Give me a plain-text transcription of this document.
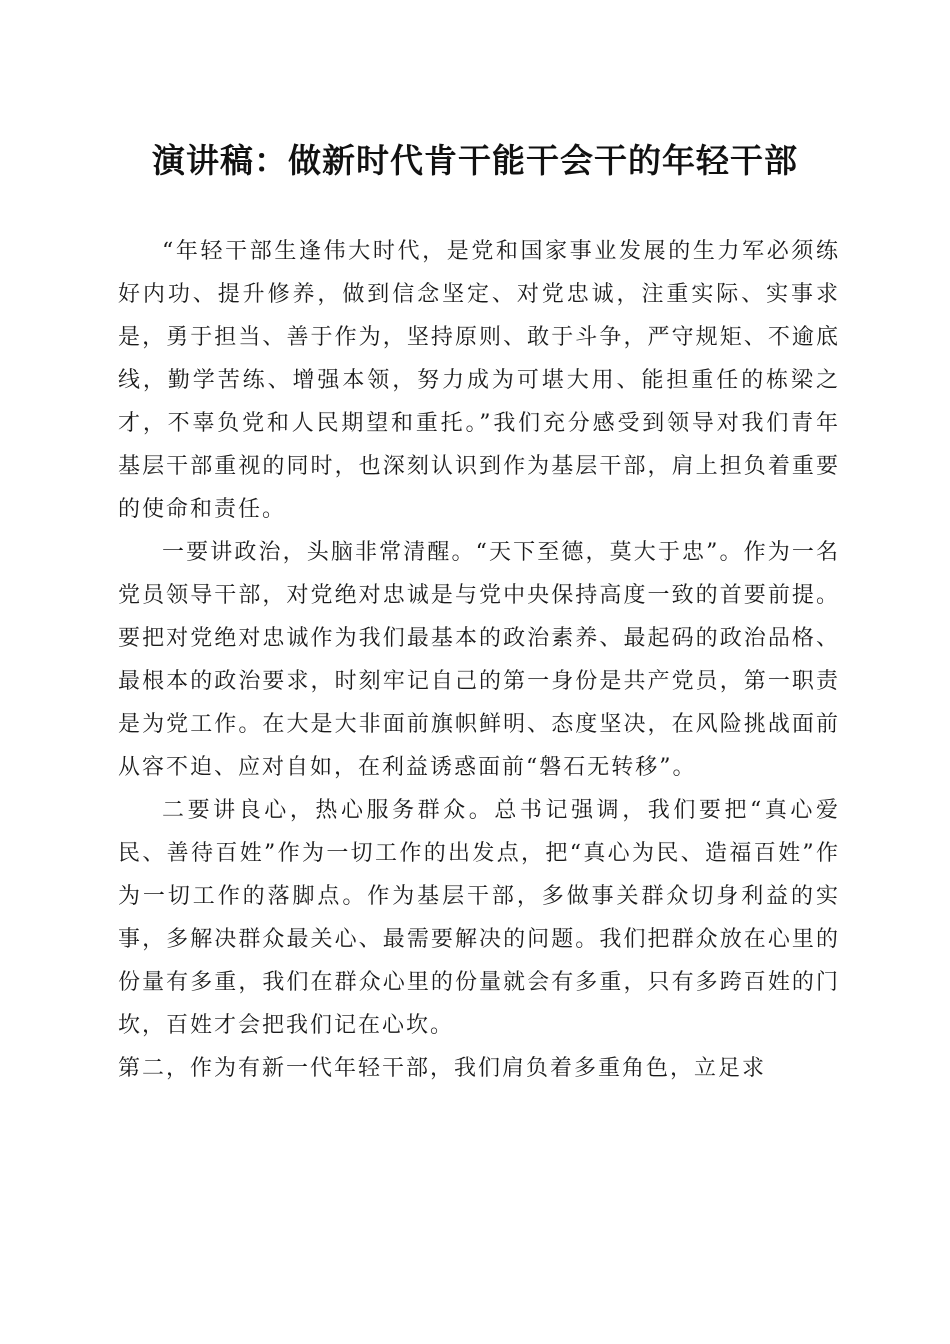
演讲稿：做新时代肯干能干会干的年轻干部

“年轻干部生逢伟大时代，是党和国家事业发展的生力军必须练好内功、提升修养，做到信念坚定、对党忠诚，注重实际、实事求是，勇于担当、善于作为，坚持原则、敢于斗争，严守规矩、不逾底线，勤学苦练、增强本领，努力成为可堪大用、能担重任的栋梁之才，不辜负党和人民期望和重托。”我们充分感受到领导对我们青年基层干部重视的同时，也深刻认识到作为基层干部，肩上担负着重要的使命和责任。

一要讲政治，头脑非常清醒。“天下至德，莫大于忠”。作为一名党员领导干部，对党绝对忠诚是与党中央保持高度一致的首要前提。要把对党绝对忠诚作为我们最基本的政治素养、最起码的政治品格、最根本的政治要求，时刻牢记自己的第一身份是共产党员，第一职责是为党工作。在大是大非面前旗帜鲜明、态度坚决，在风险挑战面前从容不迫、应对自如，在利益诱惑面前“磐石无转移”。

二要讲良心，热心服务群众。总书记强调，我们要把“真心爱民、善待百姓”作为一切工作的出发点，把“真心为民、造福百姓”作为一切工作的落脚点。作为基层干部，多做事关群众切身利益的实事，多解决群众最关心、最需要解决的问题。我们把群众放在心里的份量有多重，我们在群众心里的份量就会有多重，只有多跨百姓的门坎，百姓才会把我们记在心坎。

第二，作为有新一代年轻干部，我们肩负着多重角色，立足求
